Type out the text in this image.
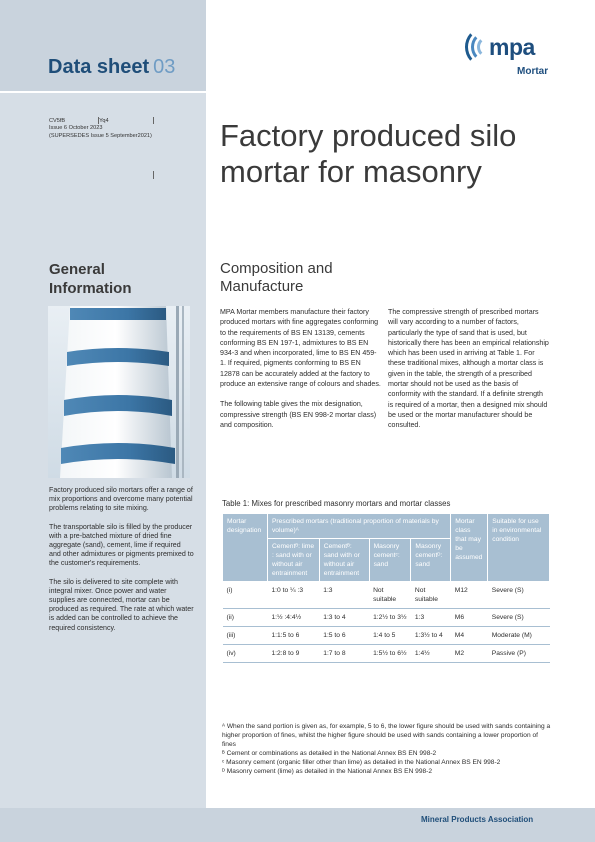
Data sheet 03
mpa
Mortar
CV5fB	Yq4
Issue 6 October 2023
(SUPERSEDES Issue 5 September2021) Factory produced silo mortar for masonry
General Information

Factory produced silo mortars offer a range of mix proportions and overcome many potential problems relating to site mixing.

The transportable silo is filled by the producer with a pre-batched mixture of dried fine aggregate (sand), cement, lime if required and other admixtures or pigments premixed to the customer's requirements.

The silo is delivered to site complete with integral mixer. Once power and water supplies are connected, mortar can be produced as required. The rate at which water is added can be controlled to achieve the required consistency.

Composition and Manufacture

MPA Mortar members manufacture their factory produced mortars with fine aggregates conforming to the requirements of BS EN 13139, cements conforming BS EN 197-1, admixtures to BS EN 934-3 and when incorporated, lime to BS EN 459-1. If required, pigments conforming to BS EN 12878 can be accurately added at the factory to produce an extensive range of colours and shades.

The following table gives the mix designation, compressive strength (BS EN 998-2 mortar class) and composition.

The compressive strength of prescribed mortars will vary according to a number of factors, particularly the type of sand that is used, but historically there has been an empirical relationship which has been used in arriving at Table 1. For these traditional mixes, although a mortar class is given in the table, the strength of a prescribed mortar should not be used as the basis of conformity with the standard. If a definite strength is required of a mortar, then a designed mix should be used or the mortar manufacturer should be consulted.

Table 1: Mixes for prescribed masonry mortars and mortar classes
Mortar designation	Prescribed mortars (traditional proportion of materials by volume)ᴬ				Mortar class that may be assumed	Suitable for use in environmental condition
	Cementᴮ: lime : sand with or without air entrainment	Cementᴮ: sand with or without air entrainment	Masonry cementᶜ: sand	Masonry cementᴰ: sand		
(i)	1:0 to ¼ :3	1:3	Not suitable	Not suitable	M12	Severe (S)
(ii)	1:½ :4:4½	1:3 to 4	1:2½ to 3½	1:3	M6	Severe (S)
(iii)	1:1:5 to 6	1:5 to 6	1:4 to 5	1:3½ to 4	M4	Moderate (M)
(iv)	1:2:8 to 9	1:7 to 8	1:5½ to 6½	1:4½	M2	Passive (P)
ᴬ When the sand portion is given as, for example, 5 to 6, the lower figure should be used with sands containing a higher proportion of fines, whilst the higher figure should be used with sands containing a lower proportion of fines
ᴮ Cement or combinations as detailed in the National Annex BS EN 998-2
ᶜ Masonry cement (organic filler other than lime) as detailed in the National Annex BS EN 998-2
ᴰ Masonry cement (lime) as detailed in the National Annex BS EN 998-2
Mineral Products Association
